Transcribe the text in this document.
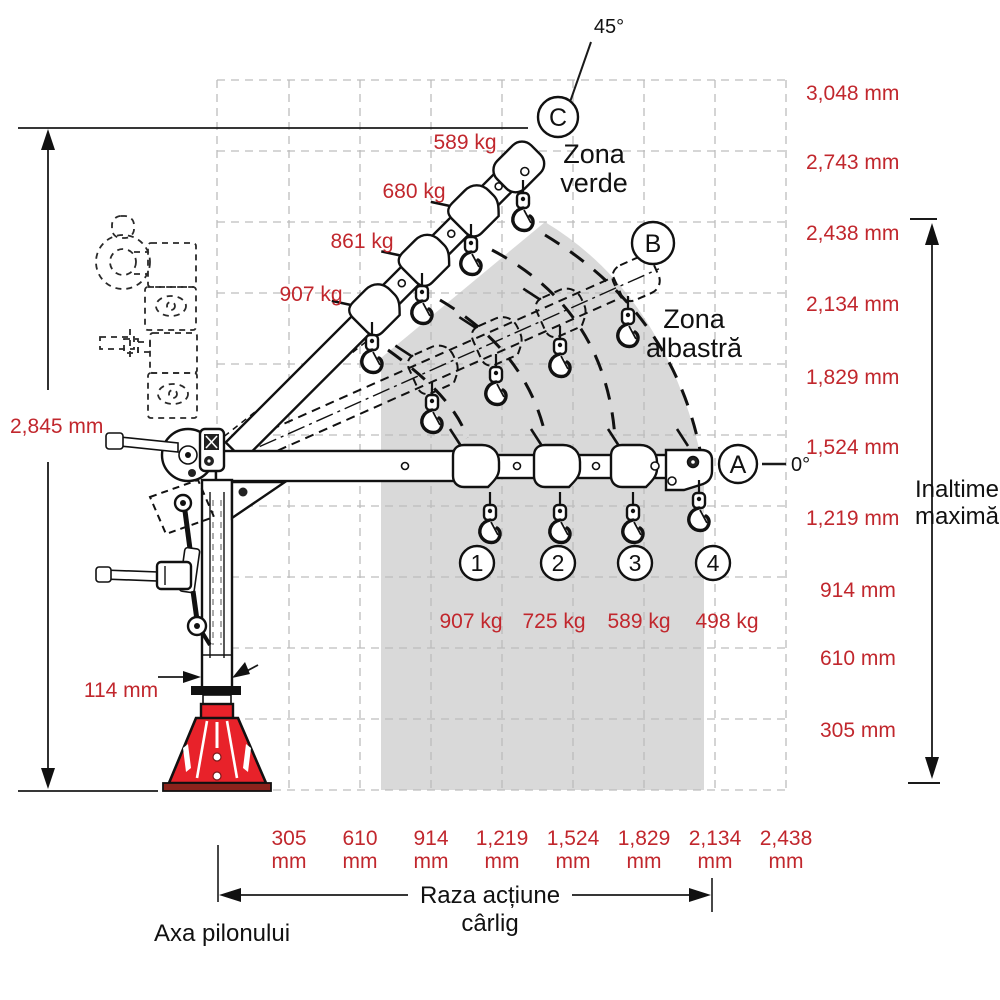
C
B
A
1	2	3	4
45°
0°
Zona
verde
Zona
albastră
589 kg
680 kg
861 kg
907 kg
907 kg 725 kg 589 kg 498 kg
2,845 mm
114 mm
3,048 mm
2,743 mm
2,438 mm
2,134 mm
1,829 mm
1,524 mm
1,219 mm
914 mm
610 mm
305 mm
Inaltime
maximă
305 610 914 1,219 1,524 1,829 2,134 2,438
mm mm mm mm mm mm mm mm
Raza acțiune
cârlig
Axa pilonului
